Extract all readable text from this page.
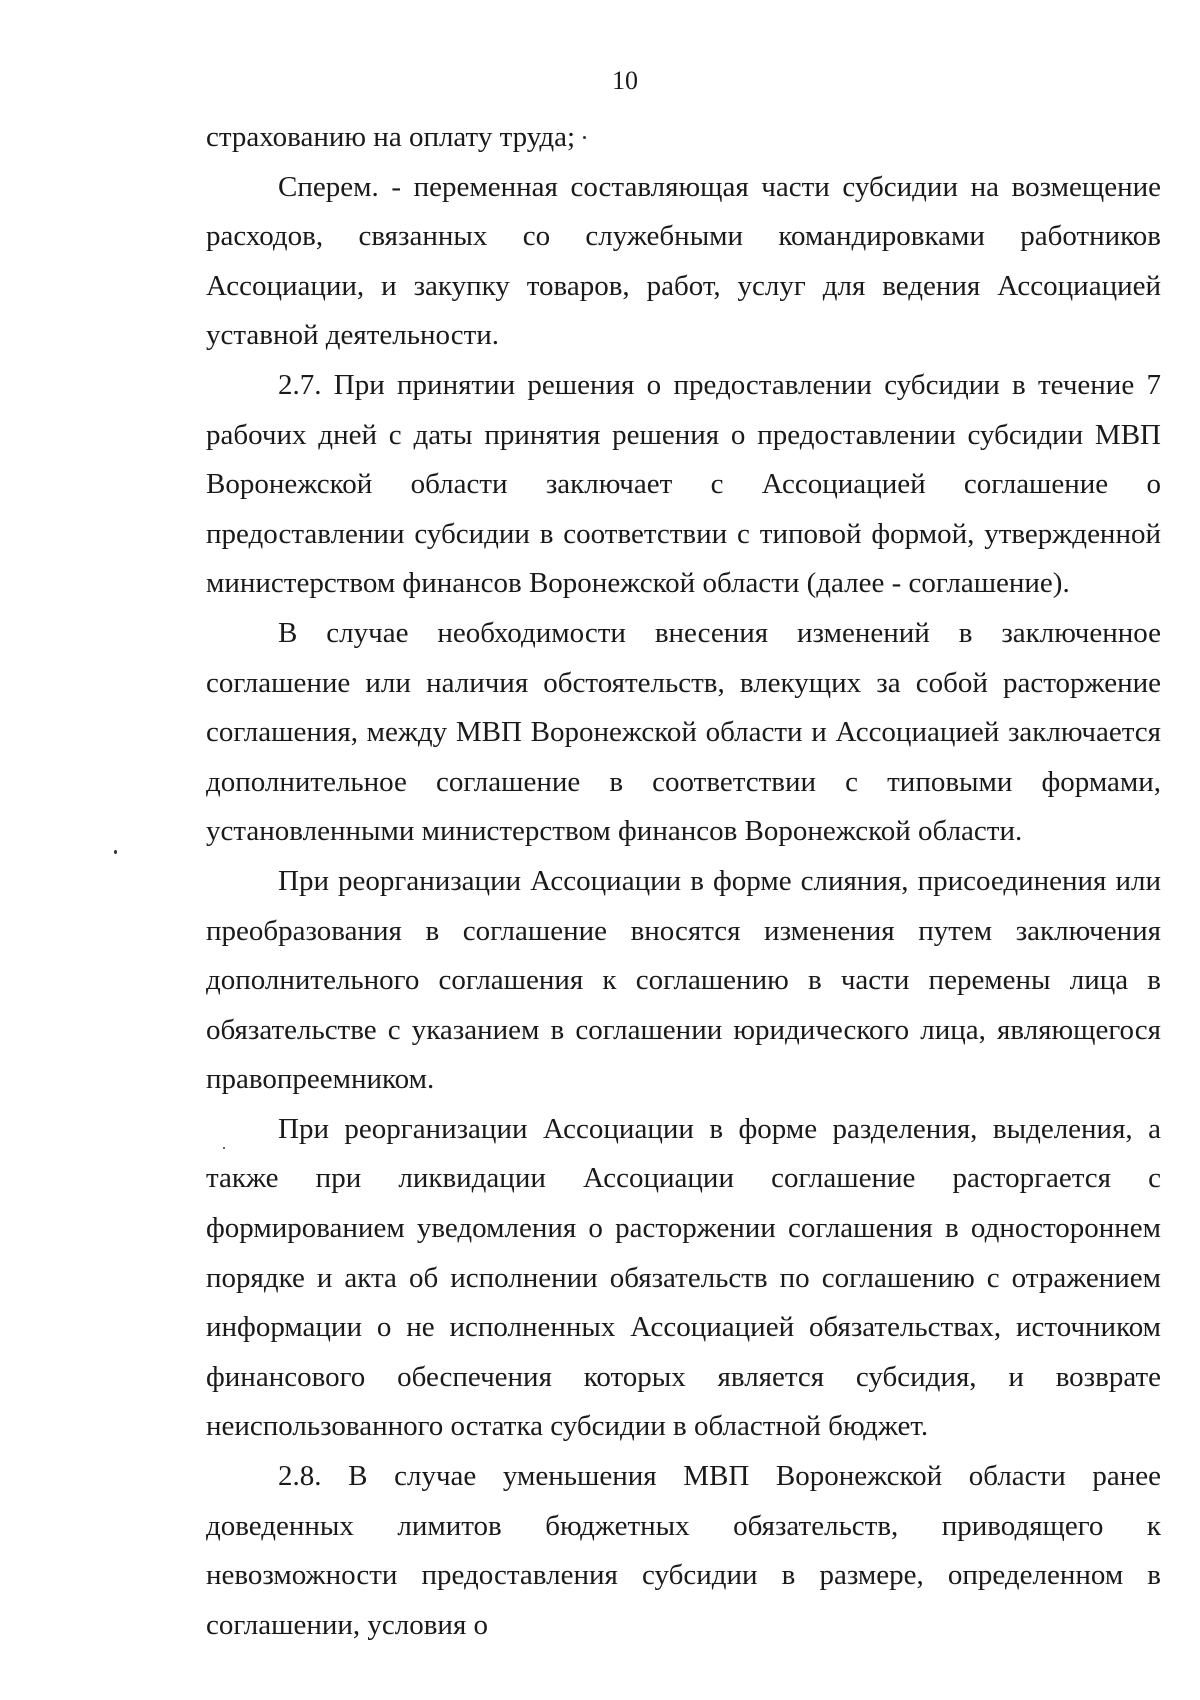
10

страхованию на оплату труда;

Сперем. - переменная составляющая части субсидии на возмещение расходов, связанных со служебными командировками работников Ассоциации, и закупку товаров, работ, услуг для ведения Ассоциацией уставной деятельности.

2.7. При принятии решения о предоставлении субсидии в течение 7 рабочих дней с даты принятия решения о предоставлении субсидии МВП Воронежской области заключает с Ассоциацией соглашение о предоставлении субсидии в соответствии с типовой формой, утвержденной министерством финансов Воронежской области (далее - соглашение).

В случае необходимости внесения изменений в заключенное соглашение или наличия обстоятельств, влекущих за собой расторжение соглашения, между МВП Воронежской области и Ассоциацией заключается дополнительное соглашение в соответствии с типовыми формами, установленными министерством финансов Воронежской области.

При реорганизации Ассоциации в форме слияния, присоединения или преобразования в соглашение вносятся изменения путем заключения дополнительного соглашения к соглашению в части перемены лица в обязательстве с указанием в соглашении юридического лица, являющегося правопреемником.

При реорганизации Ассоциации в форме разделения, выделения, а также при ликвидации Ассоциации соглашение расторгается с формированием уведомления о расторжении соглашения в одностороннем порядке и акта об исполнении обязательств по соглашению с отражением информации о не исполненных Ассоциацией обязательствах, источником финансового обеспечения которых является субсидия, и возврате неиспользованного остатка субсидии в областной бюджет.

2.8. В случае уменьшения МВП Воронежской области ранее доведенных лимитов бюджетных обязательств, приводящего к невозможности предоставления субсидии в размере, определенном в соглашении, условия о
